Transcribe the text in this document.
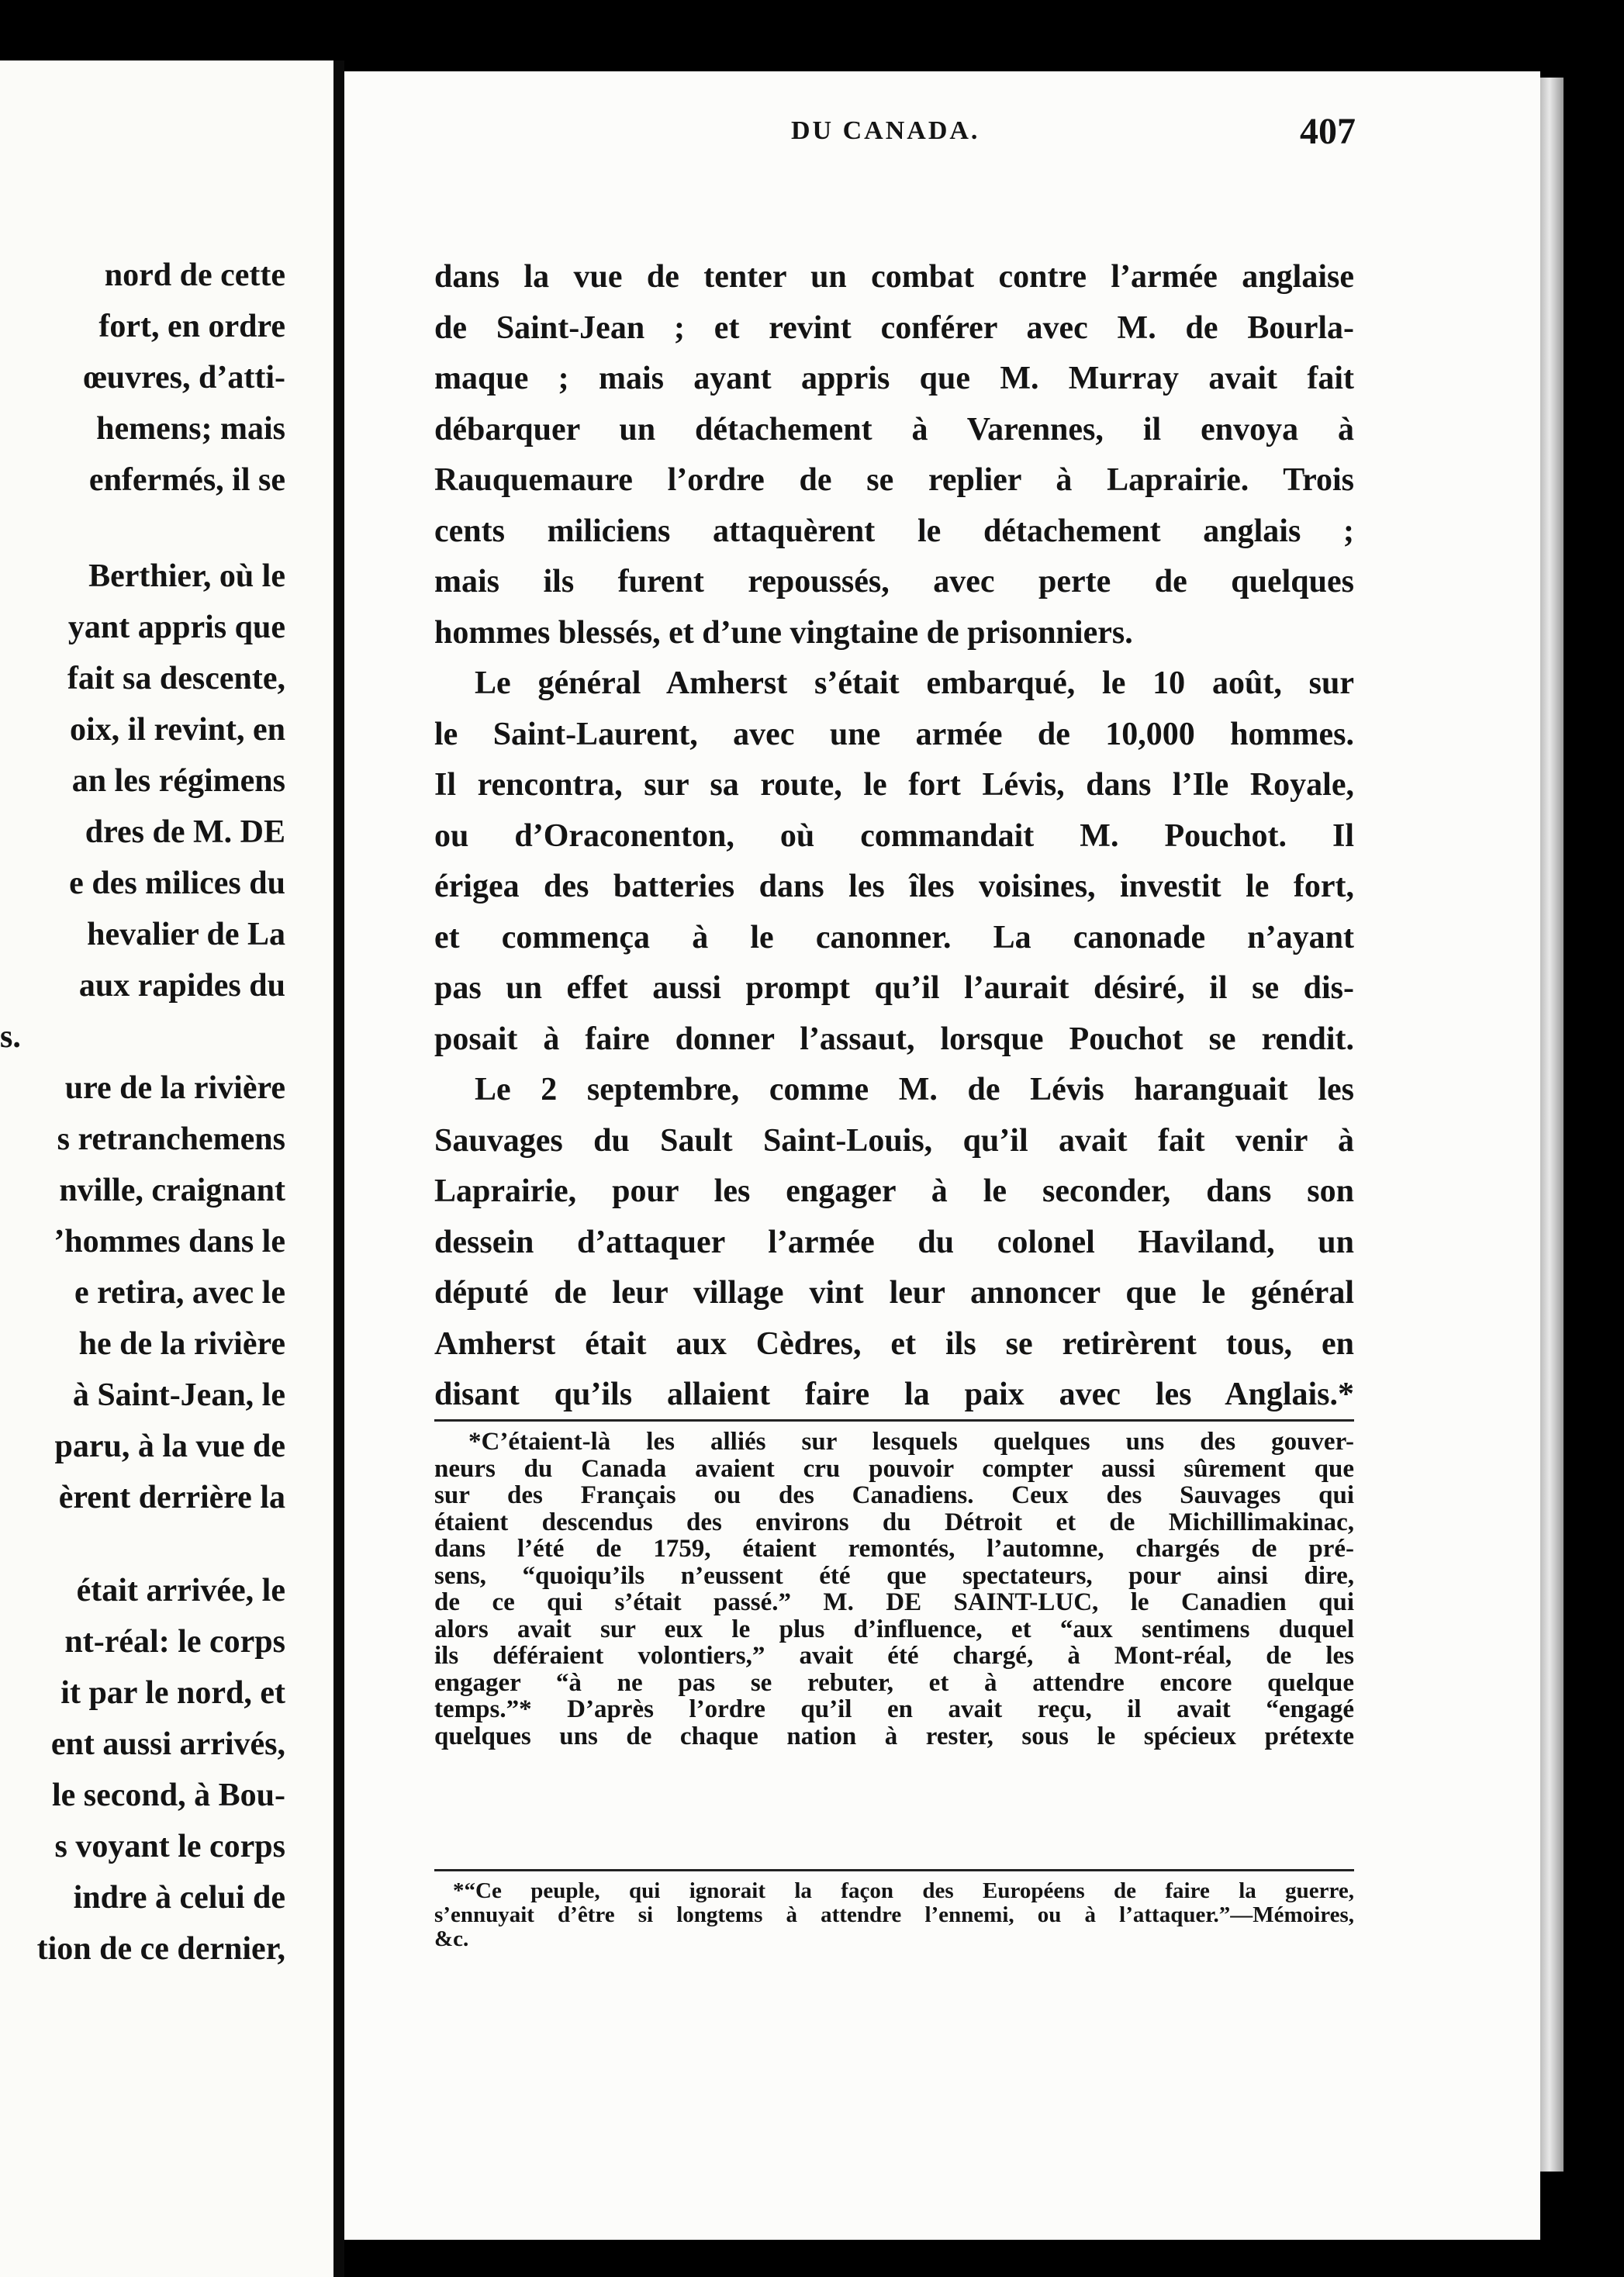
nord de cette
fort, en ordre
œuvres, d’atti-
hemens; mais
enfermés, il se
Berthier, où le
yant appris que
fait sa descente,
oix, il revint, en
an les régimens
dres de M. DE
e des milices du
hevalier de La
aux rapides du
s.
ure de la rivière
s retranchemens
nville, craignant
’hommes dans le
e retira, avec le
he de la rivière
à Saint-Jean, le
paru, à la vue de
èrent derrière la
était arrivée, le
nt-réal: le corps
it par le nord, et
ent aussi arrivés,
le second, à Bou-
s voyant le corps
indre à celui de
tion de ce dernier,
DU CANADA.	407
dans la vue de tenter un combat contre l’armée anglaise
de Saint-Jean ; et revint conférer avec M. de Bourla-
maque ; mais ayant appris que M. Murray avait fait
débarquer un détachement à Varennes, il envoya à
Rauquemaure l’ordre de se replier à Laprairie. Trois
cents miliciens attaquèrent le détachement anglais ;
mais ils furent repoussés, avec perte de quelques
hommes blessés, et d’une vingtaine de prisonniers.
Le général Amherst s’était embarqué, le 10 août, sur
le Saint-Laurent, avec une armée de 10,000 hommes.
Il rencontra, sur sa route, le fort Lévis, dans l’Ile Royale,
ou d’Oraconenton, où commandait M. Pouchot. Il
érigea des batteries dans les îles voisines, investit le fort,
et commença à le canonner. La canonade n’ayant
pas un effet aussi prompt qu’il l’aurait désiré, il se dis-
posait à faire donner l’assaut, lorsque Pouchot se rendit.
Le 2 septembre, comme M. de Lévis haranguait les
Sauvages du Sault Saint-Louis, qu’il avait fait venir à
Laprairie, pour les engager à le seconder, dans son
dessein d’attaquer l’armée du colonel Haviland, un
député de leur village vint leur annoncer que le général
Amherst était aux Cèdres, et ils se retirèrent tous, en
disant qu’ils allaient faire la paix avec les Anglais.*
*C’étaient-là les alliés sur lesquels quelques uns des gouver-
neurs du Canada avaient cru pouvoir compter aussi sûrement que
sur des Français ou des Canadiens. Ceux des Sauvages qui
étaient descendus des environs du Détroit et de Michillimakinac,
dans l’été de 1759, étaient remontés, l’automne, chargés de pré-
sens, “quoiqu’ils n’eussent été que spectateurs, pour ainsi dire,
de ce qui s’était passé.” M. DE SAINT-LUC, le Canadien qui
alors avait sur eux le plus d’influence, et “aux sentimens duquel
ils déféraient volontiers,” avait été chargé, à Mont-réal, de les
engager “à ne pas se rebuter, et à attendre encore quelque
temps.”* D’après l’ordre qu’il en avait reçu, il avait “engagé
quelques uns de chaque nation à rester, sous le spécieux prétexte
*“Ce peuple, qui ignorait la façon des Européens de faire la guerre,
s’ennuyait d’être si longtems à attendre l’ennemi, ou à l’attaquer.”—Mémoires,
&c.
